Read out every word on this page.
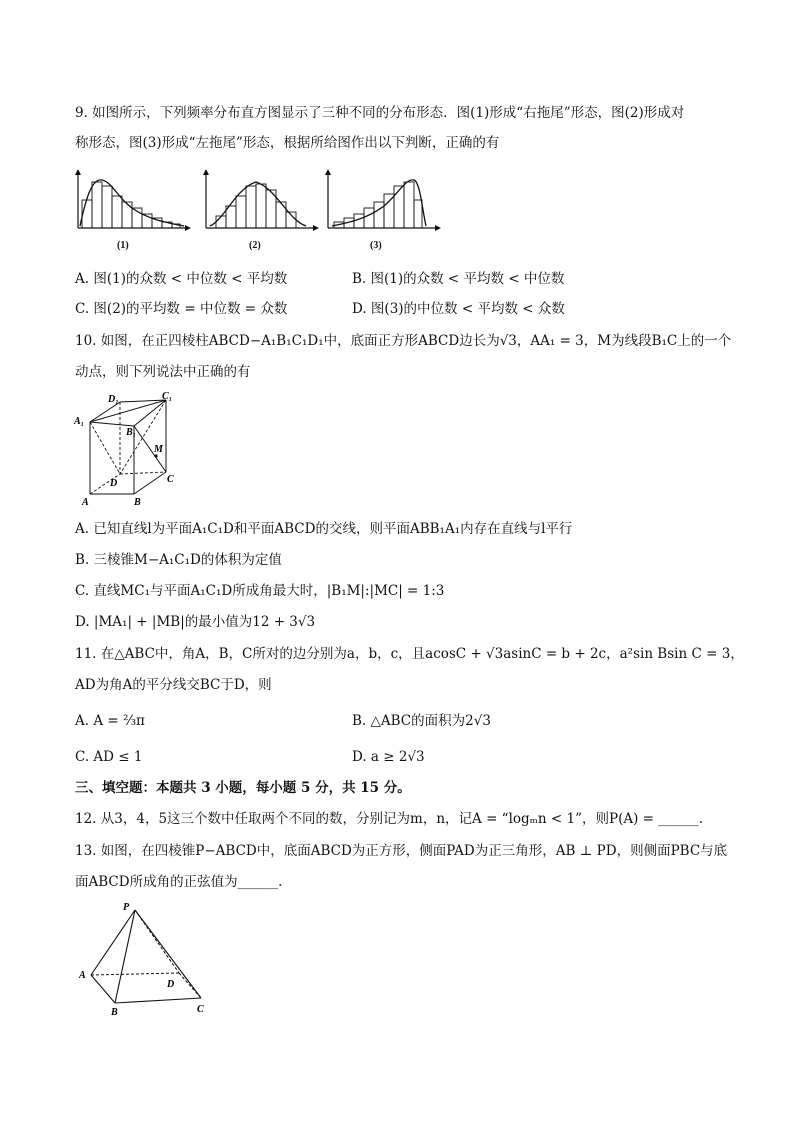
9. 如图所示，下列频率分布直方图显示了三种不同的分布形态．图(1)形成“右拖尾”形态，图(2)形成对
称形态，图(3)形成“左拖尾”形态，根据所给图作出以下判断，正确的有
(1)	(2)	(3)
A. 图(1)的众数 < 中位数 < 平均数	B. 图(1)的众数 < 平均数 < 中位数
C. 图(2)的平均数 = 中位数 = 众数	D. 图(3)的中位数 < 平均数 < 众数
10. 如图，在正四棱柱ABCD−A₁B₁C₁D₁中，底面正方形ABCD边长为√3，AA₁ = 3，M为线段B₁C上的一个
动点，则下列说法中正确的有
D₁	C₁
A₁
B₁
M
D	C
A	B
A. 已知直线l为平面A₁C₁D和平面ABCD的交线，则平面ABB₁A₁内存在直线与l平行
B. 三棱锥M−A₁C₁D的体积为定值
C. 直线MC₁与平面A₁C₁D所成角最大时，|B₁M|:|MC| = 1:3
D. |MA₁| + |MB|的最小值为12 + 3√3
11. 在△ABC中，角A，B，C所对的边分别为a，b，c，且acosC + √3asinC = b + 2c，a²sin Bsin C = 3，
AD为角A的平分线交BC于D，则
A. A = ⅔π	B. △ABC的面积为2√3
C. AD ≤ 1	D. a ≥ 2√3
三、填空题：本题共 3 小题，每小题 5 分，共 15 分。
12. 从3，4，5这三个数中任取两个不同的数，分别记为m，n，记A = “logₘn < 1”，则P(A) = ______.
13. 如图，在四棱锥P−ABCD中，底面ABCD为正方形，侧面PAD为正三角形，AB ⊥ PD，则侧面PBC与底
面ABCD所成角的正弦值为______.
P
A
D
B	C
